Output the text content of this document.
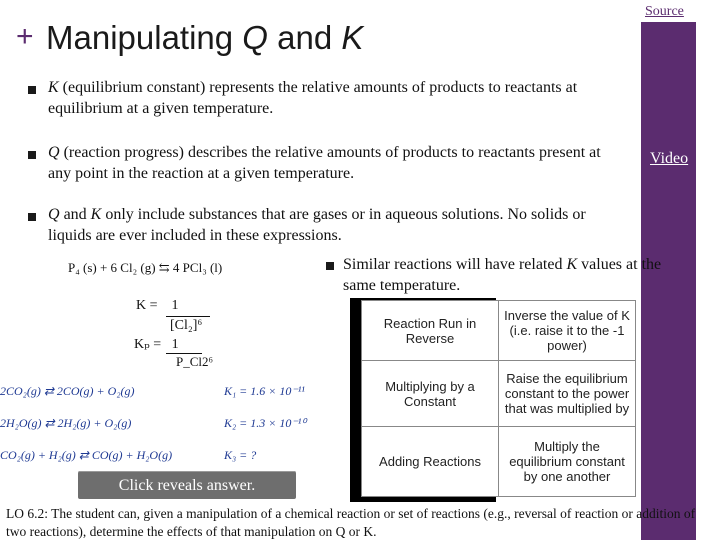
+ Manipulating Q and K
Source
Video
K (equilibrium constant) represents the relative amounts of products to reactants at equilibrium at a given temperature.
Q (reaction progress) describes the relative amounts of products to reactants present at any point in the reaction at a given temperature.
Q and K only include substances that are gases or in aqueous solutions. No solids or liquids are ever included in these expressions.
Similar reactions will have related K values at the same temperature.
P₄ (s) + 6 Cl₂ (g) ⇆ 4 PCl₃ (l)
K = 1
[Cl₂]⁶
Kₚ = 1
P_Cl2⁶
2CO₂(g) ⇄ 2CO(g) + O₂(g)	K₁ = 1.6 × 10⁻¹¹
2H₂O(g) ⇄ 2H₂(g) + O₂(g)	K₂ = 1.3 × 10⁻¹⁰
CO₂(g) + H₂(g) ⇄ CO(g) + H₂O(g)	K₃ = ?
Click reveals answer.
Reaction Run in Reverse	Inverse the value of K (i.e. raise it to the -1 power)
Multiplying by a Constant	Raise the equilibrium constant to the power that was multiplied by
Adding Reactions	Multiply the equilibrium constant by one another
LO 6.2: The student can, given a manipulation of a chemical reaction or set of reactions (e.g., reversal of reaction or addition of two reactions), determine the effects of that manipulation on Q or K.
